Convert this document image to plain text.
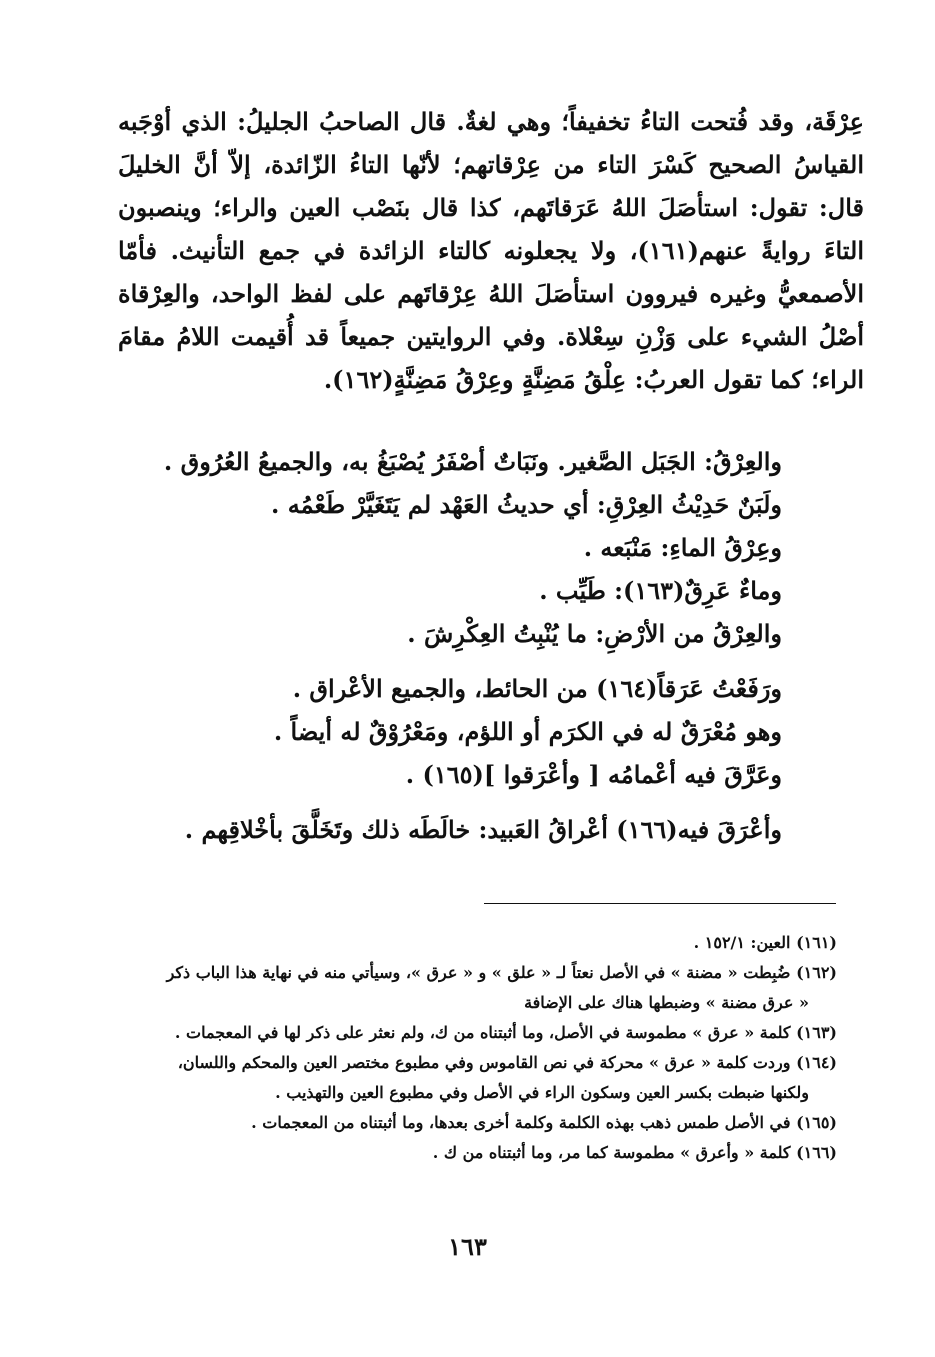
عِرْقَة، وقد فُتحت التاءُ تخفيفاً؛ وهي لغةٌ. قال الصاحبُ الجليلُ: الذي أوْجَبه القياسُ الصحيح كَسْرَ التاء من عِرْقاتهم؛ لأنّها التاءُ الزّائدة، إلاّ أنَّ الخليلَ قال: تقول: استأصَلَ اللهُ عَرَقاتَهم، كذا قال بنَصْب العين والراء؛ وينصبون التاءَ روايةً عنهم(١٦١)، ولا يجعلونه كالتاء الزائدة في جمع التأنيث. فأمّا الأصمعيُّ وغيره فيروون استأصَلَ اللهُ عِرْقاتَهم على لفظ الواحد، والعِرْقاة أصْلُ الشيء على وَزْنِ سِعْلاة. وفي الروايتين جميعاً قد أُقيمت اللامُ مقامَ الراء؛ كما تقول العربُ: عِلْقُ مَضِنَّةٍ وعِرْقُ مَضِنَّةٍ(١٦٢).

والعِرْقُ: الجَبَل الصَّغير. ونَبَاتٌ أصْفَرُ يُصْبَغُ به، والجميعُ العُرُوق .
ولَبَنٌ حَدِيْثُ العِرْقِ: أي حديثُ العَهْد لم يَتَغَيَّرْ طَعْمُه .
وعِرْقُ الماءِ: مَنْبَعه .
وماءٌ عَرِقٌ(١٦٣): طَيِّب .
والعِرْقُ من الأرْضِ: ما يُنْبِتُ العِكْرِشَ .
ورَفَعْتُ عَرَقاً(١٦٤) من الحائط، والجميع الأعْراق .
وهو مُعْرَقٌ له في الكرَم أو اللؤم، ومَعْرُوْقٌ له أيضاً .
وعَرَّقَ فيه أعْمامُه [ وأعْرَقوا ](١٦٥) .
وأعْرَقَ فيه(١٦٦) أعْراقُ العَبيد: خالَطَه ذلك وتَخَلَّقَ بأخْلاقِهم .
(١٦١) العين: ١٥٢/١ .
(١٦٢) ضُبِطت « مضنة » في الأصل نعتاً لـ « علق » و « عرق »، وسيأتي منه في نهاية هذا الباب ذكر
« عرق مضنة » وضبطها هناك على الإضافة
(١٦٣) كلمة « عرق » مطموسة في الأصل، وما أثبتناه من ك، ولم نعثر على ذكر لها في المعجمات .
(١٦٤) وردت كلمة « عرق » محركة في نص القاموس وفي مطبوع مختصر العين والمحكم واللسان،
ولكنها ضبطت بكسر العين وسكون الراء في الأصل وفي مطبوع العين والتهذيب .
(١٦٥) في الأصل طمس ذهب بهذه الكلمة وكلمة أخرى بعدها، وما أثبتناه من المعجمات .
(١٦٦) كلمة « وأعرق » مطموسة كما مر، وما أثبتناه من ك .
١٦٣
